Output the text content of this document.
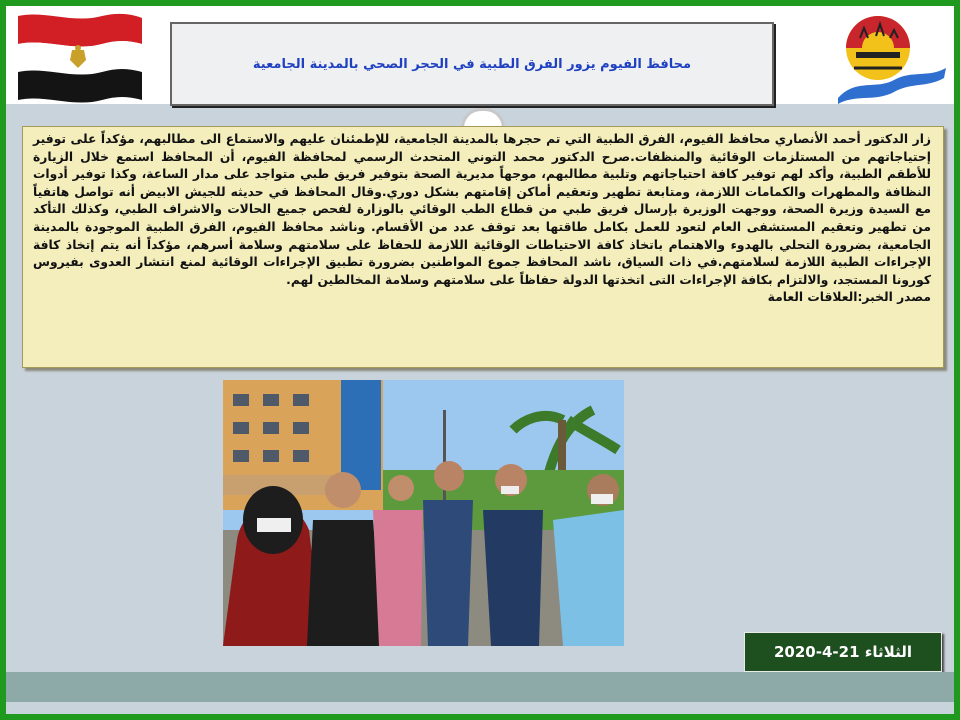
محافظ الفيوم يزور الفرق الطبية في الحجر الصحي بالمدينة الجامعية
زار الدكتور أحمد الأنصاري محافظ الفيوم، الفرق الطبية التي تم حجرها بالمدينة الجامعية، للإطمئنان عليهم والاستماع الى مطالبهم، مؤكداً على توفير إحتياجاتهم من المستلزمات الوقائية والمنظفات.صرح الدكتور محمد التوني المتحدث الرسمي لمحافظة الفيوم، أن المحافظ استمع خلال الزيارة للأطقم الطبية، وأكد لهم توفير كافة احتياجاتهم وتلبية مطالبهم، موجهاً مديرية الصحة بتوفير فريق طبي متواجد على مدار الساعة، وكذا توفير أدوات النظافة والمطهرات والكمامات اللازمة، ومتابعة تطهير وتعقيم أماكن إقامتهم بشكل دوري.وقال المحافظ في حديثه للجيش الابيض أنه تواصل هاتفياً مع السيدة وزيرة الصحة، ووجهت الوزيرة بإرسال فريق طبي من قطاع الطب الوقائي بالوزارة لفحص جميع الحالات والاشراف الطبي، وكذلك التأكد من تطهير وتعقيم المستشفى العام لتعود للعمل بكامل طاقتها بعد توقف عدد من الأقسام. وناشد محافظ الفيوم، الفرق الطبية الموجودة بالمدينة الجامعية، بضرورة التحلي بالهدوء والاهتمام باتخاذ كافة الاحتياطات الوقائية اللازمة للحفاظ على سلامتهم وسلامة أسرهم، مؤكداً أنه يتم إتخاذ كافة الإجراءات الطبية اللازمة لسلامتهم.في ذات السياق، ناشد المحافظ جموع المواطنين بضرورة تطبيق الإجراءات الوقائية لمنع انتشار العدوى بفيروس كورونا المستجد، والالتزام بكافة الإجراءات التى اتخذتها الدولة حفاظاً على سلامتهم وسلامة المخالطين لهم.
مصدر الخبر:العلاقات العامة
الثلاثاء 21-4-2020
